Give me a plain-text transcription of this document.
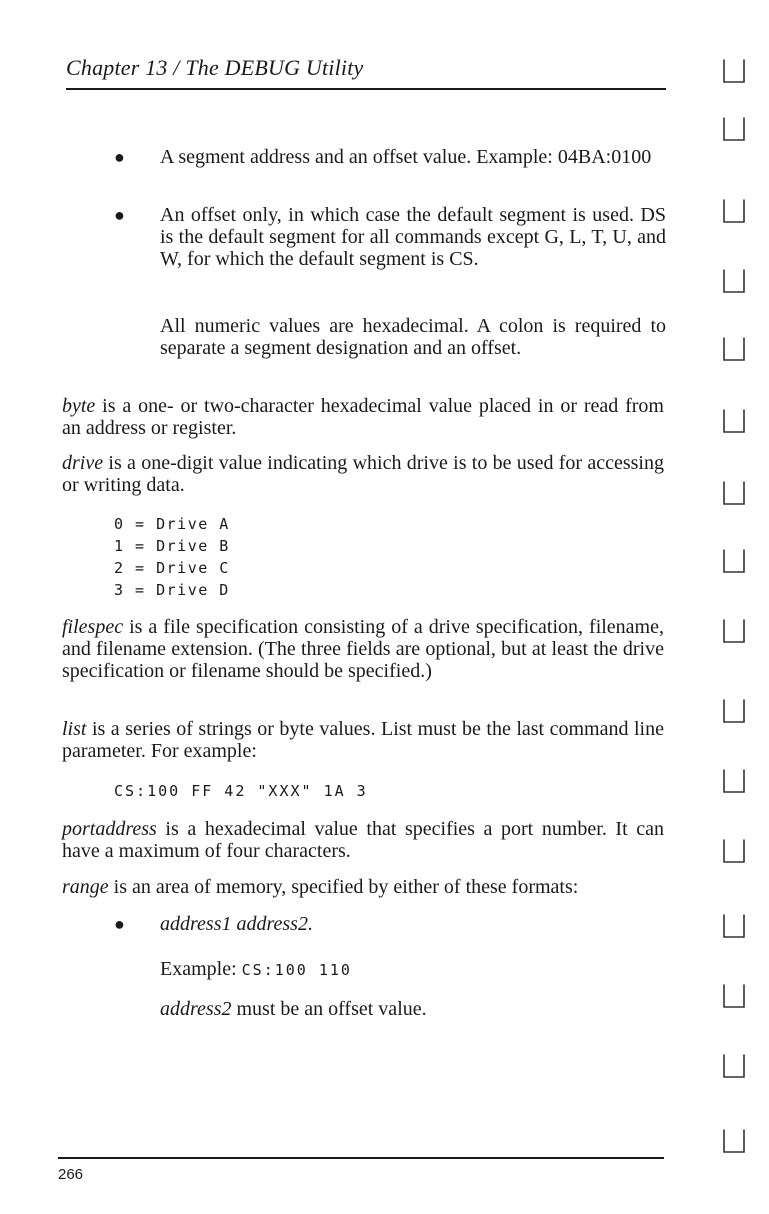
Chapter 13 / The DEBUG Utility
● A segment address and an offset value. Example: 04BA:0100
● An offset only, in which case the default segment is used. DS is the default segment for all commands except G, L, T, U, and W, for which the default segment is CS.
All numeric values are hexadecimal. A colon is required to separate a segment designation and an offset.
byte is a one- or two-character hexadecimal value placed in or read from an address or register.
drive is a one-digit value indicating which drive is to be used for accessing or writing data.
0 = Drive A
1 = Drive B
2 = Drive C
3 = Drive D
filespec is a file specification consisting of a drive specification, filename, and filename extension. (The three fields are optional, but at least the drive specification or filename should be specified.)
list is a series of strings or byte values. List must be the last command line parameter. For example:
CS:100 FF 42 "XXX" 1A 3
portaddress is a hexadecimal value that specifies a port number. It can have a maximum of four characters.
range is an area of memory, specified by either of these formats:
● address1 address2.
Example: CS:100 110
address2 must be an offset value.
266
